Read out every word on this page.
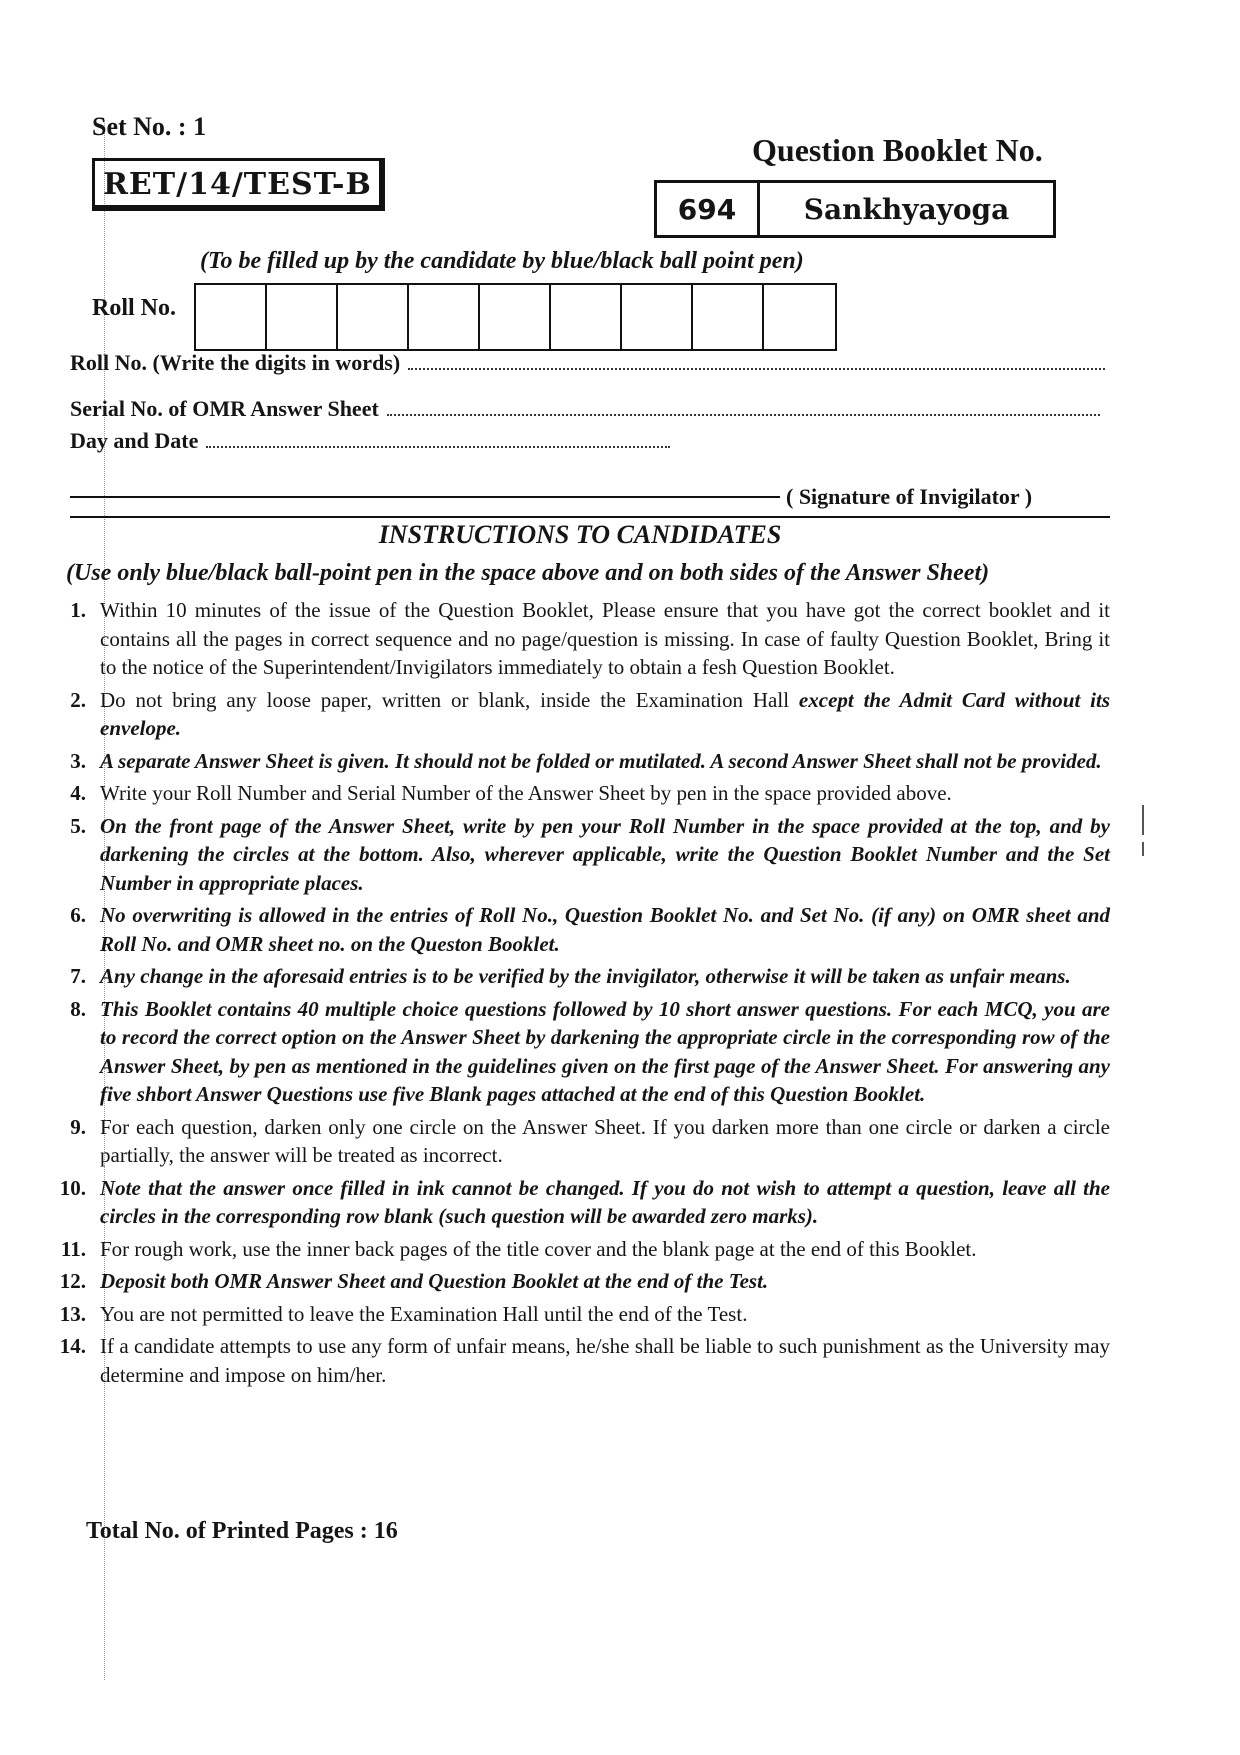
Set No. : 1
RET/14/TEST-B
Question Booklet No.
694	Sankhyayoga
(To be filled up by the candidate by blue/black ball point pen)
Roll No.
Roll No. (Write the digits in words)
Serial No. of OMR Answer Sheet
Day and Date
( Signature of Invigilator )
INSTRUCTIONS TO CANDIDATES
(Use only blue/black ball-point pen in the space above and on both sides of the Answer Sheet)
1. Within 10 minutes of the issue of the Question Booklet, Please ensure that you have got the correct booklet and it contains all the pages in correct sequence and no page/question is missing. In case of faulty Question Booklet, Bring it to the notice of the Superintendent/Invigilators immediately to obtain a fesh Question Booklet.
2. Do not bring any loose paper, written or blank, inside the Examination Hall except the Admit Card without its envelope.
3. A separate Answer Sheet is given. It should not be folded or mutilated. A second Answer Sheet shall not be provided.
4. Write your Roll Number and Serial Number of the Answer Sheet by pen in the space provided above.
5. On the front page of the Answer Sheet, write by pen your Roll Number in the space provided at the top, and by darkening the circles at the bottom. Also, wherever applicable, write the Question Booklet Number and the Set Number in appropriate places.
6. No overwriting is allowed in the entries of Roll No., Question Booklet No. and Set No. (if any) on OMR sheet and Roll No. and OMR sheet no. on the Queston Booklet.
7. Any change in the aforesaid entries is to be verified by the invigilator, otherwise it will be taken as unfair means.
8. This Booklet contains 40 multiple choice questions followed by 10 short answer questions. For each MCQ, you are to record the correct option on the Answer Sheet by darkening the appropriate circle in the corresponding row of the Answer Sheet, by pen as mentioned in the guidelines given on the first page of the Answer Sheet. For answering any five shbort Answer Questions use five Blank pages attached at the end of this Question Booklet.
9. For each question, darken only one circle on the Answer Sheet. If you darken more than one circle or darken a circle partially, the answer will be treated as incorrect.
10. Note that the answer once filled in ink cannot be changed. If you do not wish to attempt a question, leave all the circles in the corresponding row blank (such question will be awarded zero marks).
11. For rough work, use the inner back pages of the title cover and the blank page at the end of this Booklet.
12. Deposit both OMR Answer Sheet and Question Booklet at the end of the Test.
13. You are not permitted to leave the Examination Hall until the end of the Test.
14. If a candidate attempts to use any form of unfair means, he/she shall be liable to such punishment as the University may determine and impose on him/her.
Total No. of Printed Pages : 16
